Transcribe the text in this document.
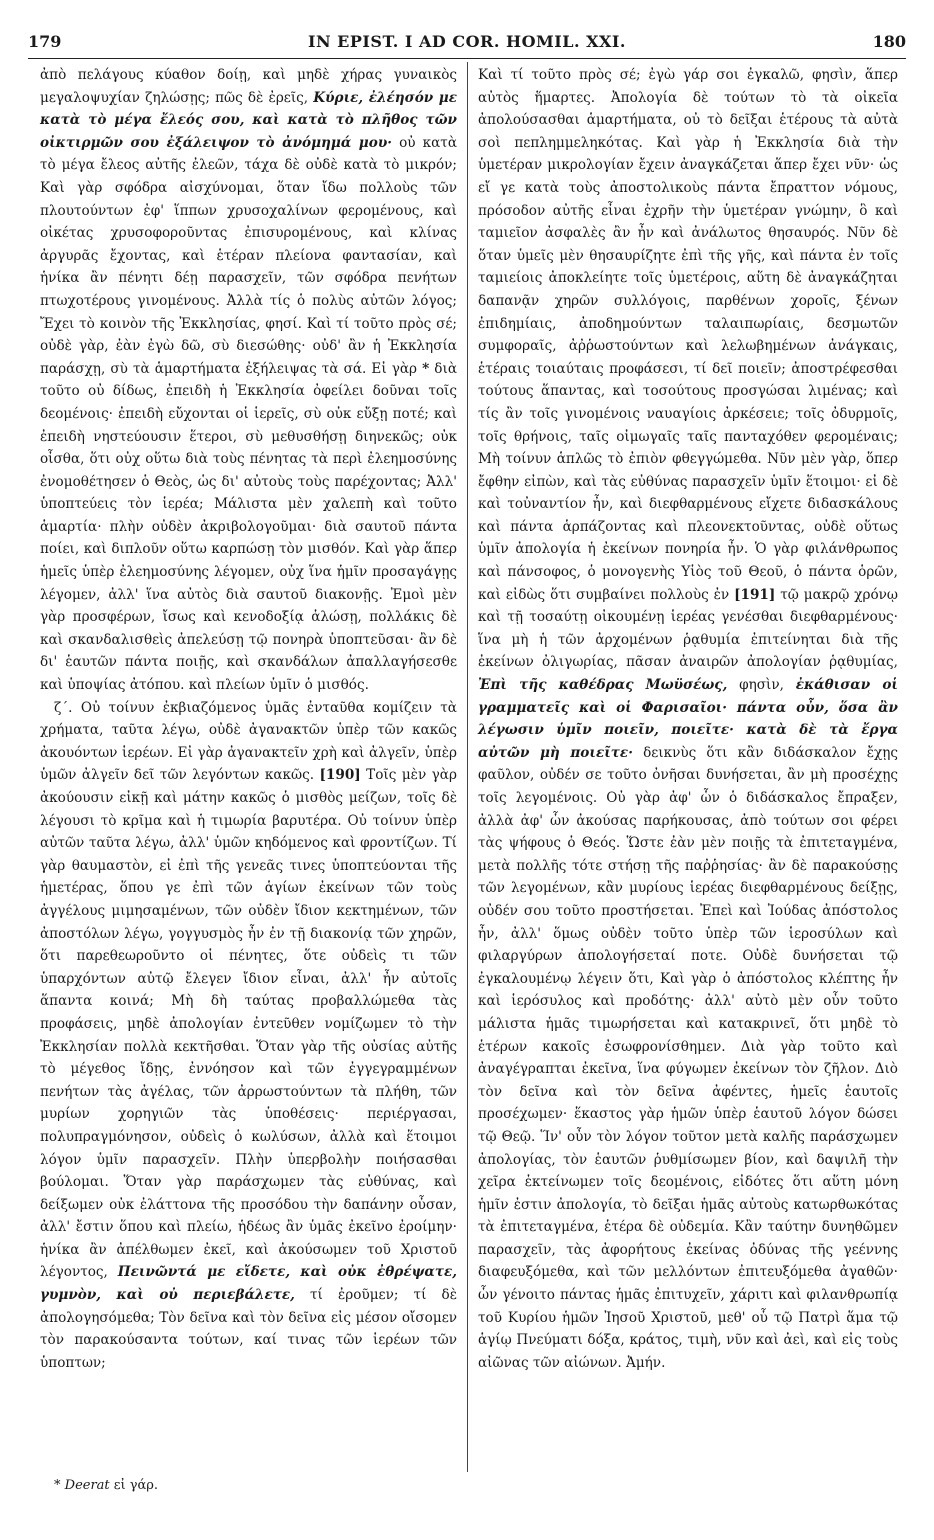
179	IN EPIST. I AD COR. HOMIL. XXI.	180

ἀπὸ πελάγους κύαθον δοίῃ, καὶ μηδὲ χήρας γυναικὸς μεγαλοψυχίαν ζηλώσῃς; πῶς δὲ ἐρεῖς, Κύριε, ἐλέησόν με κατὰ τὸ μέγα ἔλεός σου, καὶ κατὰ τὸ πλῆθος τῶν οἰκτιρμῶν σου ἐξάλειψον τὸ ἀνόμημά μου· οὐ κατὰ τὸ μέγα ἔλεος αὐτῆς ἐλεῶν, τάχα δὲ οὐδὲ κατὰ τὸ μικρόν; Καὶ γὰρ σφόδρα αἰσχύνομαι, ὅταν ἴδω πολλοὺς τῶν πλουτούντων ἐφ' ἵππων χρυσοχαλίνων φερομένους, καὶ οἰκέτας χρυσοφοροῦντας ἐπισυρομένους, καὶ κλίνας ἀργυρᾶς ἔχοντας, καὶ ἑτέραν πλείονα φαντασίαν, καὶ ἡνίκα ἂν πένητι δέῃ παρασχεῖν, τῶν σφόδρα πενήτων πτωχοτέρους γινομένους. Ἀλλὰ τίς ὁ πολὺς αὐτῶν λόγος; Ἔχει τὸ κοινὸν τῆς Ἐκκλησίας, φησί. Καὶ τί τοῦτο πρὸς σέ; οὐδὲ γὰρ, ἐὰν ἐγὼ δῶ, σὺ διεσώθης· οὐδ' ἂν ἡ Ἐκκλησία παράσχῃ, σὺ τὰ ἁμαρτήματα ἐξήλειψας τὰ σά. Εἰ γὰρ * διὰ τοῦτο οὐ δίδως, ἐπειδὴ ἡ Ἐκκλησία ὀφείλει δοῦναι τοῖς δεομένοις· ἐπειδὴ εὔχονται οἱ ἱερεῖς, σὺ οὐκ εὔξῃ ποτέ; καὶ ἐπειδὴ νηστεύουσιν ἕτεροι, σὺ μεθυσθήσῃ διηνεκῶς; οὐκ οἶσθα, ὅτι οὐχ οὕτω διὰ τοὺς πένητας τὰ περὶ ἐλεημοσύνης ἐνομοθέτησεν ὁ Θεὸς, ὡς δι' αὐτοὺς τοὺς παρέχοντας; Ἀλλ' ὑποπτεύεις τὸν ἱερέα; Μάλιστα μὲν χαλεπὴ καὶ τοῦτο ἁμαρτία· πλὴν οὐδὲν ἀκριβολογοῦμαι· διὰ σαυτοῦ πάντα ποίει, καὶ διπλοῦν οὕτω καρπώσῃ τὸν μισθόν. Καὶ γὰρ ἅπερ ἡμεῖς ὑπὲρ ἐλεημοσύνης λέγομεν, οὐχ ἵνα ἡμῖν προσαγάγῃς λέγομεν, ἀλλ' ἵνα αὐτὸς διὰ σαυτοῦ διακονῇς. Ἐμοὶ μὲν γὰρ προσφέρων, ἴσως καὶ κενοδοξίᾳ ἁλώσῃ, πολλάκις δὲ καὶ σκανδαλισθεὶς ἀπελεύσῃ τῷ πονηρὰ ὑποπτεῦσαι· ἂν δὲ δι' ἑαυτῶν πάντα ποιῇς, καὶ σκανδάλων ἀπαλλαγήσεσθε καὶ ὑποψίας ἀτόπου. καὶ πλείων ὑμῖν ὁ μισθός.

ζ΄. Οὐ τοίνυν ἐκβιαζόμενος ὑμᾶς ἐνταῦθα κομίζειν τὰ χρήματα, ταῦτα λέγω, οὐδὲ ἀγανακτῶν ὑπὲρ τῶν κακῶς ἀκουόντων ἱερέων. Εἰ γὰρ ἀγανακτεῖν χρὴ καὶ ἀλγεῖν, ὑπὲρ ὑμῶν ἀλγεῖν δεῖ τῶν λεγόντων κακῶς. [190] Τοῖς μὲν γὰρ ἀκούουσιν εἰκῇ καὶ μάτην κακῶς ὁ μισθὸς μείζων, τοῖς δὲ λέγουσι τὸ κρῖμα καὶ ἡ τιμωρία βαρυτέρα. Οὐ τοίνυν ὑπὲρ αὐτῶν ταῦτα λέγω, ἀλλ' ὑμῶν κηδόμενος καὶ φροντίζων. Τί γὰρ θαυμαστὸν, εἰ ἐπὶ τῆς γενεᾶς τινες ὑποπτεύονται τῆς ἡμετέρας, ὅπου γε ἐπὶ τῶν ἁγίων ἐκείνων τῶν τοὺς ἀγγέλους μιμησαμένων, τῶν οὐδὲν ἴδιον κεκτημένων, τῶν ἀποστόλων λέγω, γογγυσμὸς ἦν ἐν τῇ διακονίᾳ τῶν χηρῶν, ὅτι παρεθεωροῦντο οἱ πένητες, ὅτε οὐδεὶς τι τῶν ὑπαρχόντων αὐτῷ ἔλεγεν ἴδιον εἶναι, ἀλλ' ἦν αὐτοῖς ἅπαντα κοινά; Μὴ δὴ ταύτας προβαλλώμεθα τὰς προφάσεις, μηδὲ ἀπολογίαν ἐντεῦθεν νομίζωμεν τὸ τὴν Ἐκκλησίαν πολλὰ κεκτῆσθαι. Ὅταν γὰρ τῆς οὐσίας αὐτῆς τὸ μέγεθος ἴδῃς, ἐννόησον καὶ τῶν ἐγγεγραμμένων πενήτων τὰς ἀγέλας, τῶν ἀρρωστούντων τὰ πλήθη, τῶν μυρίων χορηγιῶν τὰς ὑποθέσεις· περιέργασαι, πολυπραγμόνησον, οὐδεὶς ὁ κωλύσων, ἀλλὰ καὶ ἕτοιμοι λόγον ὑμῖν παρασχεῖν. Πλὴν ὑπερβολὴν ποιήσασθαι βούλομαι. Ὅταν γὰρ παράσχωμεν τὰς εὐθύνας, καὶ δείξωμεν οὐκ ἐλάττονα τῆς προσόδου τὴν δαπάνην οὖσαν, ἀλλ' ἔστιν ὅπου καὶ πλείω, ἡδέως ἂν ὑμᾶς ἐκεῖνο ἐροίμην· ἡνίκα ἂν ἀπέλθωμεν ἐκεῖ, καὶ ἀκούσωμεν τοῦ Χριστοῦ λέγοντος, Πεινῶντά με εἴδετε, καὶ οὐκ ἐθρέψατε, γυμνὸν, καὶ οὐ περιεβάλετε, τί ἐροῦμεν; τί δὲ ἀπολογησόμεθα; Τὸν δεῖνα καὶ τὸν δεῖνα εἰς μέσον οἴσομεν τὸν παρακούσαντα τούτων, καί τινας τῶν ἱερέων τῶν ὑποπτων;

Καὶ τί τοῦτο πρὸς σέ; ἐγὼ γάρ σοι ἐγκαλῶ, φησὶν, ἅπερ αὐτὸς ἥμαρτες. Ἀπολογία δὲ τούτων τὸ τὰ οἰκεῖα ἀπολούσασθαι ἁμαρτήματα, οὐ τὸ δεῖξαι ἑτέρους τὰ αὐτὰ σοὶ πεπλημμεληκότας. Καὶ γὰρ ἡ Ἐκκλησία διὰ τὴν ὑμετέραν μικρολογίαν ἔχειν ἀναγκάζεται ἅπερ ἔχει νῦν· ὡς εἴ γε κατὰ τοὺς ἀποστολικοὺς πάντα ἔπραττον νόμους, πρόσοδον αὐτῆς εἶναι ἐχρῆν τὴν ὑμετέραν γνώμην, ὃ καὶ ταμιεῖον ἀσφαλὲς ἂν ἦν καὶ ἀνάλωτος θησαυρός. Νῦν δὲ ὅταν ὑμεῖς μὲν θησαυρίζητε ἐπὶ τῆς γῆς, καὶ πάντα ἐν τοῖς ταμιείοις ἀποκλείητε τοῖς ὑμετέροις, αὕτη δὲ ἀναγκάζηται δαπανᾷν χηρῶν συλλόγοις, παρθένων χοροῖς, ξένων ἐπιδημίαις, ἀποδημούντων ταλαιπωρίαις, δεσμωτῶν συμφοραῖς, ἀῤῥωστούντων καὶ λελωβημένων ἀνάγκαις, ἑτέραις τοιαύταις προφάσεσι, τί δεῖ ποιεῖν; ἀποστρέφεσθαι τούτους ἅπαντας, καὶ τοσούτους προσγώσαι λιμένας; καὶ τίς ἂν τοῖς γινομένοις ναυαγίοις ἀρκέσειε; τοῖς ὀδυρμοῖς, τοῖς θρήνοις, ταῖς οἰμωγαῖς ταῖς πανταχόθεν φερομέναις; Μὴ τοίνυν ἁπλῶς τὸ ἐπιὸν φθεγγώμεθα. Νῦν μὲν γὰρ, ὅπερ ἔφθην εἰπὼν, καὶ τὰς εὐθύνας παρασχεῖν ὑμῖν ἕτοιμοι· εἰ δὲ καὶ τοὐναντίον ἦν, καὶ διεφθαρμένους εἴχετε διδασκάλους καὶ πάντα ἁρπάζοντας καὶ πλεονεκτοῦντας, οὐδὲ οὕτως ὑμῖν ἀπολογία ἡ ἐκείνων πονηρία ἦν. Ὁ γὰρ φιλάνθρωπος καὶ πάνσοφος, ὁ μονογενὴς Υἱὸς τοῦ Θεοῦ, ὁ πάντα ὁρῶν, καὶ εἰδὼς ὅτι συμβαίνει πολλοὺς ἐν [191] τῷ μακρῷ χρόνῳ καὶ τῇ τοσαύτῃ οἰκουμένῃ ἱερέας γενέσθαι διεφθαρμένους· ἵνα μὴ ἡ τῶν ἀρχομένων ῥᾳθυμία ἐπιτείνηται διὰ τῆς ἐκείνων ὀλιγωρίας, πᾶσαν ἀναιρῶν ἀπολογίαν ῥᾳθυμίας, Ἐπὶ τῆς καθέδρας Μωϋσέως, φησὶν, ἐκάθισαν οἱ γραμματεῖς καὶ οἱ Φαρισαῖοι· πάντα οὖν, ὅσα ἂν λέγωσιν ὑμῖν ποιεῖν, ποιεῖτε· κατὰ δὲ τὰ ἔργα αὐτῶν μὴ ποιεῖτε· δεικνὺς ὅτι κἂν διδάσκαλον ἔχῃς φαῦλον, οὐδέν σε τοῦτο ὀνῆσαι δυνήσεται, ἂν μὴ προσέχῃς τοῖς λεγομένοις. Οὐ γὰρ ἀφ' ὧν ὁ διδάσκαλος ἔπραξεν, ἀλλὰ ἀφ' ὧν ἀκούσας παρήκουσας, ἀπὸ τούτων σοι φέρει τὰς ψήφους ὁ Θεός. Ὥστε ἐὰν μὲν ποιῇς τὰ ἐπιτεταγμένα, μετὰ πολλῆς τότε στήσῃ τῆς παῤῥησίας· ἂν δὲ παρακούσῃς τῶν λεγομένων, κἂν μυρίους ἱερέας διεφθαρμένους δείξῃς, οὐδέν σου τοῦτο προστήσεται. Ἐπεὶ καὶ Ἰούδας ἀπόστολος ἦν, ἀλλ' ὅμως οὐδὲν τοῦτο ὑπὲρ τῶν ἱεροσύλων καὶ φιλαργύρων ἀπολογήσεταί ποτε. Οὐδὲ δυνήσεται τῷ ἐγκαλουμένῳ λέγειν ὅτι, Καὶ γὰρ ὁ ἀπόστολος κλέπτης ἦν καὶ ἱερόσυλος καὶ προδότης· ἀλλ' αὐτὸ μὲν οὖν τοῦτο μάλιστα ἡμᾶς τιμωρήσεται καὶ κατακρινεῖ, ὅτι μηδὲ τὸ ἑτέρων κακοῖς ἐσωφρονίσθημεν. Διὰ γὰρ τοῦτο καὶ ἀναγέγραπται ἐκεῖνα, ἵνα φύγωμεν ἐκείνων τὸν ζῆλον. Διὸ τὸν δεῖνα καὶ τὸν δεῖνα ἀφέντες, ἡμεῖς ἑαυτοῖς προσέχωμεν· ἕκαστος γὰρ ἡμῶν ὑπὲρ ἑαυτοῦ λόγον δώσει τῷ Θεῷ. Ἵν' οὖν τὸν λόγον τοῦτον μετὰ καλῆς παράσχωμεν ἀπολογίας, τὸν ἑαυτῶν ῥυθμίσωμεν βίον, καὶ δαψιλῆ τὴν χεῖρα ἐκτείνωμεν τοῖς δεομένοις, εἰδότες ὅτι αὕτη μόνη ἡμῖν ἐστιν ἀπολογία, τὸ δεῖξαι ἡμᾶς αὐτοὺς κατωρθωκότας τὰ ἐπιτεταγμένα, ἑτέρα δὲ οὐδεμία. Κἂν ταύτην δυνηθῶμεν παρασχεῖν, τὰς ἀφορήτους ἐκείνας ὀδύνας τῆς γεέννης διαφευξόμεθα, καὶ τῶν μελλόντων ἐπιτευξόμεθα ἀγαθῶν· ὧν γένοιτο πάντας ἡμᾶς ἐπιτυχεῖν, χάριτι καὶ φιλανθρωπίᾳ τοῦ Κυρίου ἡμῶν Ἰησοῦ Χριστοῦ, μεθ' οὗ τῷ Πατρὶ ἅμα τῷ ἁγίῳ Πνεύματι δόξα, κράτος, τιμὴ, νῦν καὶ ἀεὶ, καὶ εἰς τοὺς αἰῶνας τῶν αἰώνων. Ἀμήν.

* Deerat εἰ γάρ.
